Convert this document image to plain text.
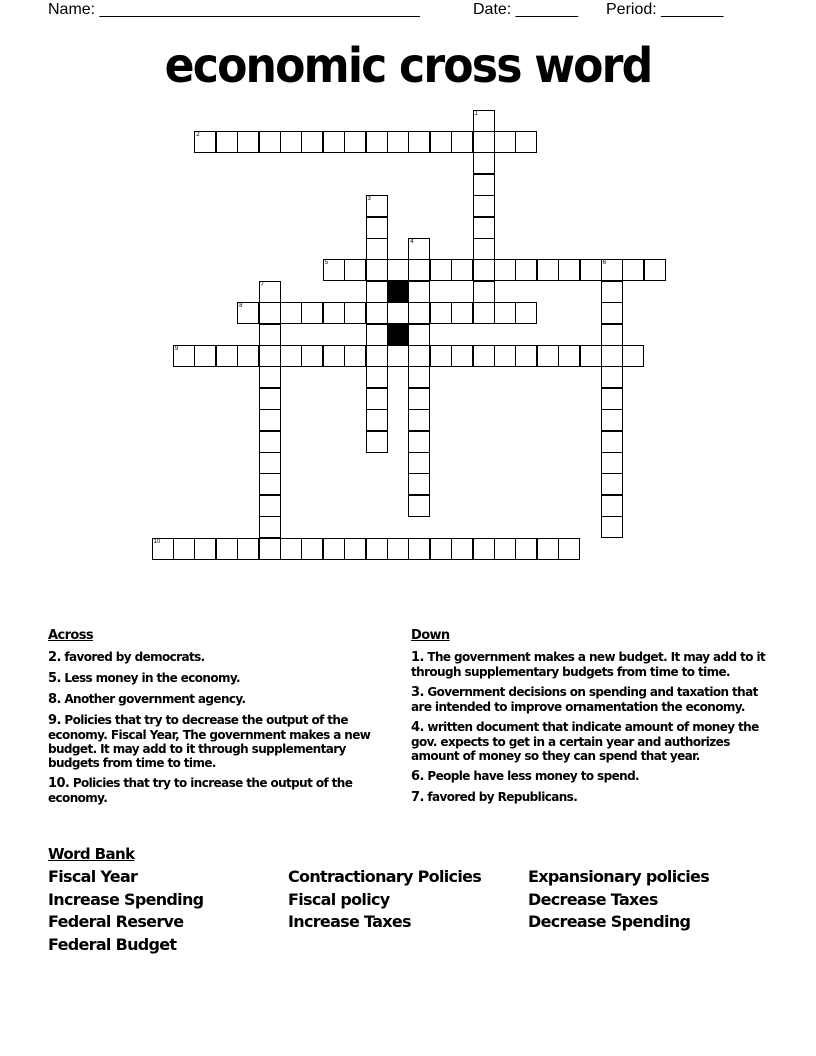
Name: ____________________________________	Date: _______ Period: _______
economic cross word
2
5	6
8
9
10
1
3
4
7
Across
2. favored by democrats.
5. Less money in the economy.
8. Another government agency.
9. Policies that try to decrease the output of the economy. Fiscal Year, The government makes a new budget. It may add to it through supplementary budgets from time to time.
10. Policies that try to increase the output of the economy.
Down
1. The government makes a new budget. It may add to it through supplementary budgets from time to time.
3. Government decisions on spending and taxation that are intended to improve ornamentation the economy.
4. written document that indicate amount of money the gov. expects to get in a certain year and authorizes amount of money so they can spend that year.
6. People have less money to spend.
7. favored by Republicans.
Word Bank
Fiscal Year
Increase Spending
Federal Reserve
Federal Budget
Contractionary Policies
Fiscal policy
Increase Taxes
Expansionary policies
Decrease Taxes
Decrease Spending
